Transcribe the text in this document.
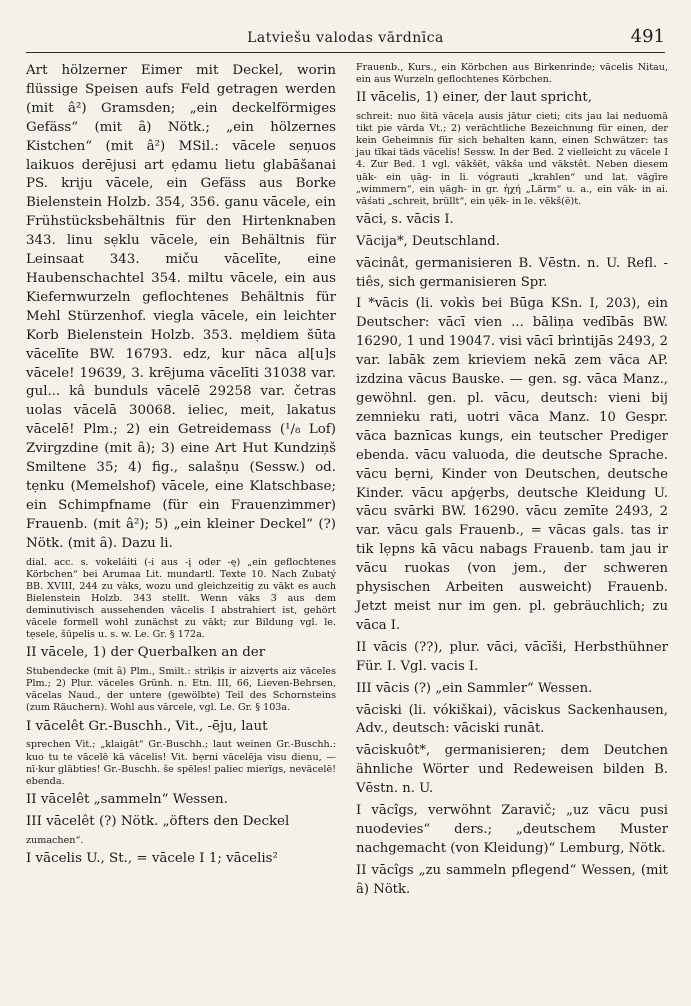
Latviešu valodas vārdnīca	491

Art hölzerner Eimer mit Deckel, worin flüssige Speisen aufs Feld getragen werden (mit â²) Gramsden; „ein deckelförmiges Gefäss“ (mit ȃ) Nötk.; „ein hölzernes Kistchen“ (mit â²) MSil.: vācele seņuos laikuos derējusi art ẹdamu lietu glabāšanai PS. kriju vācele, ein Gefäss aus Borke Bielenstein Holzb. 354, 356. ganu vācele, ein Frühstücksbehältnis für den Hirtenknaben 343. linu sẹklu vācele, ein Behältnis für Leinsaat 343. miču vācelīte, eine Haubenschachtel 354. miltu vācele, ein aus Kiefernwurzeln geflochtenes Behältnis für Mehl Stürzenhof. viegla vācele, ein leichter Korb Bielenstein Holzb. 353. mẹldiem šūta vācelīte BW. 16793. edz, kur nāca al[u]s vācele! 19639, 3. krējuma vācelīti 31038 var. gul... kâ bunduls vācelē 29258 var. četras uolas vācelā 30068. ieliec, meit, lakatus vācelē! Plm.; 2) ein Getreidemass (¹/₈ Lof) Zvirgzdine (mit ȃ); 3) eine Art Hut Kundziņš Smiltene 35; 4) fig., salašņu (Sessw.) od. tẹnku (Memelshof) vācele, eine Klatschbase; ein Schimpfname (für ein Frauenzimmer) Frauenb. (mit â²); 5) „ein kleiner Deckel“ (?) Nötk. (mit ȃ). Dazu li.

dial. acc. s. vokeláiti (-i aus -į oder -ę) „ein geflochtenes Körbchen“ bei Arumaa Lit. mundartl. Texte 10. Nach Zubatý BB. XVIII, 244 zu vàks, wozu und gleichzeitig zu vākt es auch Bielenstein Holzb. 343 stellt. Wenn vāks 3 aus dem deminutivisch aussehenden vācelis I abstrahiert ist, gehört vācele formell wohl zunächst zu vākt; zur Bildung vgl. le. tẹsele, šūpelis u. s. w. Le. Gr. § 172a.

II vācele, 1) der Querbalken an der

Stubendecke (mit ȃ) Plm., Smilt.: strìķis ir aizvẹrts aiz vāceles Plm.; 2) Plur. vāceles Grünh. n. Etn. III, 66, Lieven-Behrsen, vācelas Naud., der untere (gewölbte) Teil des Schornsteins (zum Räuchern). Wohl aus vārcele, vgl. Le. Gr. § 103a.

I vācelêt Gr.-Buschh., Vit., -ēju, laut

sprechen Vit.; „klaigāt“ Gr.-Buschh.; laut weinen Gr.-Buschh.: kuo tu te vācelē kā vācelis! Vit. bẹrni vācelēja visu dienu, — nī·kur glābties! Gr.-Buschh. še spēles! paliec mierīgs, nevācelē! ebenda.

II vācelêt „sammeln“ Wessen.

III vācelêt (?) Nötk. „öfters den Deckel

zumachen“.

I vācelis U., St., = vācele I 1; vācelis²

Frauenb., Kurs., ein Körbchen aus Birkenrinde; vācelis Nitau, ein aus Wurzeln geflochtenes Körbchen.

II vācelis, 1) einer, der laut spricht,

schreit: nuo šitā vāceļa ausis jātur cieti; cits jau lai neduomā tikt pie vārda Vt.; 2) verächtliche Bezeichnung für einen, der kein Geheimnis für sich behalten kann, einen Schwätzer: tas jau tīkai tāds vācelis! Sessw. In der Bed. 2 vielleicht zu vācele I 4. Zur Bed. 1 vgl. vākšēt, vākša und vākstêt. Neben diesem ụāk- ein ụāg- in li. vógrauti „krahlen“ und lat. vāgīre „wimmern“, ein ụāgh- in gr. ἠχή „Lärm“ u. a., ein vāk- in ai. vāśati „schreit, brüllt“, ein ụēk- in le. vēkš(ē)t.

vāci, s. vācis I.

Vācija*, Deutschland.

vācinât, germanisieren B. Vēstn. n. U. Refl. -tiês, sich germanisieren Spr.

I *vācis (li. vokìs bei Būga KSn. I, 203), ein Deutscher: vācī vien ... bāliņa vedībās BW. 16290, 1 und 19047. visi vācī brìntijās 2493, 2 var. labāk zem krieviem nekā zem vāca AP. izdzina vācus Bauske. — gen. sg. vāca Manz., gewöhnl. gen. pl. vācu, deutsch: vieni bij zemnieku rati, uotri vāca Manz. 10 Gespr. vāca baznīcas kungs, ein teutscher Prediger ebenda. vācu valuoda, die deutsche Sprache. vācu bẹrni, Kinder von Deutschen, deutsche Kinder. vācu apģẹrbs, deutsche Kleidung U. vācu svārki BW. 16290. vācu zemīte 2493, 2 var. vācu gals Frauenb., = vācas gals. tas ir tik lẹpns kā vācu nabags Frauenb. tam jau ir vācu ruokas (von jem., der schweren physischen Arbeiten ausweicht) Frauenb. Jetzt meist nur im gen. pl. gebräuchlich; zu vāca I.

II vācis (??), plur. vāci, vācīši, Herbsthühner Für. I. Vgl. vacis I.

III vācis (?) „ein Sammler“ Wessen.

vāciski (li. vókiškai), vāciskus Sackenhausen, Adv., deutsch: vāciski runāt.

vāciskuôt*, germanisieren; dem Deutchen ähnliche Wörter und Redeweisen bilden B. Vēstn. n. U.

I vācîgs, verwöhnt Zaravič; „uz vācu pusi nuodevies“ ders.; „deutschem Muster nachgemacht (von Kleidung)“ Lemburg, Nötk.

II vācîgs „zu sammeln pflegend“ Wessen, (mit ȃ) Nötk.
